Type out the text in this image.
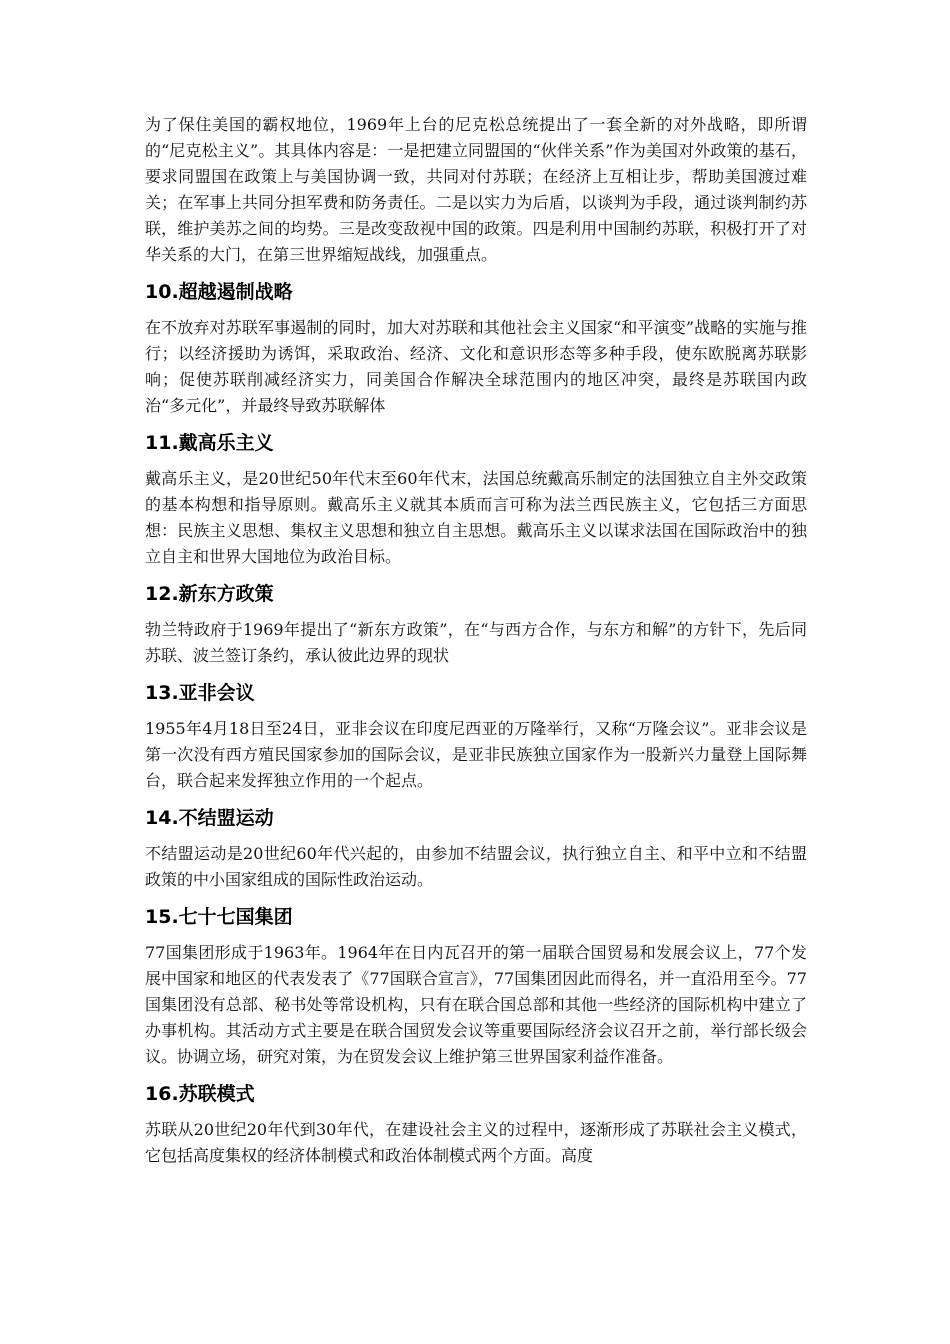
为了保住美国的霸权地位，1969年上台的尼克松总统提出了一套全新的对外战略，即所谓的“尼克松主义”。其具体内容是：一是把建立同盟国的“伙伴关系”作为美国对外政策的基石，要求同盟国在政策上与美国协调一致，共同对付苏联；在经济上互相让步，帮助美国渡过难关；在军事上共同分担军费和防务责任。二是以实力为后盾，以谈判为手段，通过谈判制约苏联，维护美苏之间的均势。三是改变敌视中国的政策。四是利用中国制约苏联，积极打开了对华关系的大门，在第三世界缩短战线，加强重点。

10.超越遏制战略

在不放弃对苏联军事遏制的同时，加大对苏联和其他社会主义国家“和平演变”战略的实施与推行；以经济援助为诱饵，采取政治、经济、文化和意识形态等多种手段，使东欧脱离苏联影响；促使苏联削减经济实力，同美国合作解决全球范围内的地区冲突，最终是苏联国内政治“多元化”，并最终导致苏联解体

11.戴高乐主义

戴高乐主义，是20世纪50年代末至60年代末，法国总统戴高乐制定的法国独立自主外交政策的基本构想和指导原则。戴高乐主义就其本质而言可称为法兰西民族主义，它包括三方面思想：民族主义思想、集权主义思想和独立自主思想。戴高乐主义以谋求法国在国际政治中的独立自主和世界大国地位为政治目标。

12.新东方政策

勃兰特政府于1969年提出了“新东方政策”，在“与西方合作，与东方和解”的方针下，先后同苏联、波兰签订条约，承认彼此边界的现状

13.亚非会议

1955年4月18日至24日，亚非会议在印度尼西亚的万隆举行，又称“万隆会议”。亚非会议是第一次没有西方殖民国家参加的国际会议，是亚非民族独立国家作为一股新兴力量登上国际舞台，联合起来发挥独立作用的一个起点。

14.不结盟运动

不结盟运动是20世纪60年代兴起的，由参加不结盟会议，执行独立自主、和平中立和不结盟政策的中小国家组成的国际性政治运动。

15.七十七国集团

77国集团形成于1963年。1964年在日内瓦召开的第一届联合国贸易和发展会议上，77个发展中国家和地区的代表发表了《77国联合宣言》，77国集团因此而得名，并一直沿用至今。77国集团没有总部、秘书处等常设机构，只有在联合国总部和其他一些经济的国际机构中建立了办事机构。其活动方式主要是在联合国贸发会议等重要国际经济会议召开之前，举行部长级会议。协调立场，研究对策，为在贸发会议上维护第三世界国家利益作准备。

16.苏联模式

苏联从20世纪20年代到30年代，在建设社会主义的过程中，逐渐形成了苏联社会主义模式，它包括高度集权的经济体制模式和政治体制模式两个方面。高度
